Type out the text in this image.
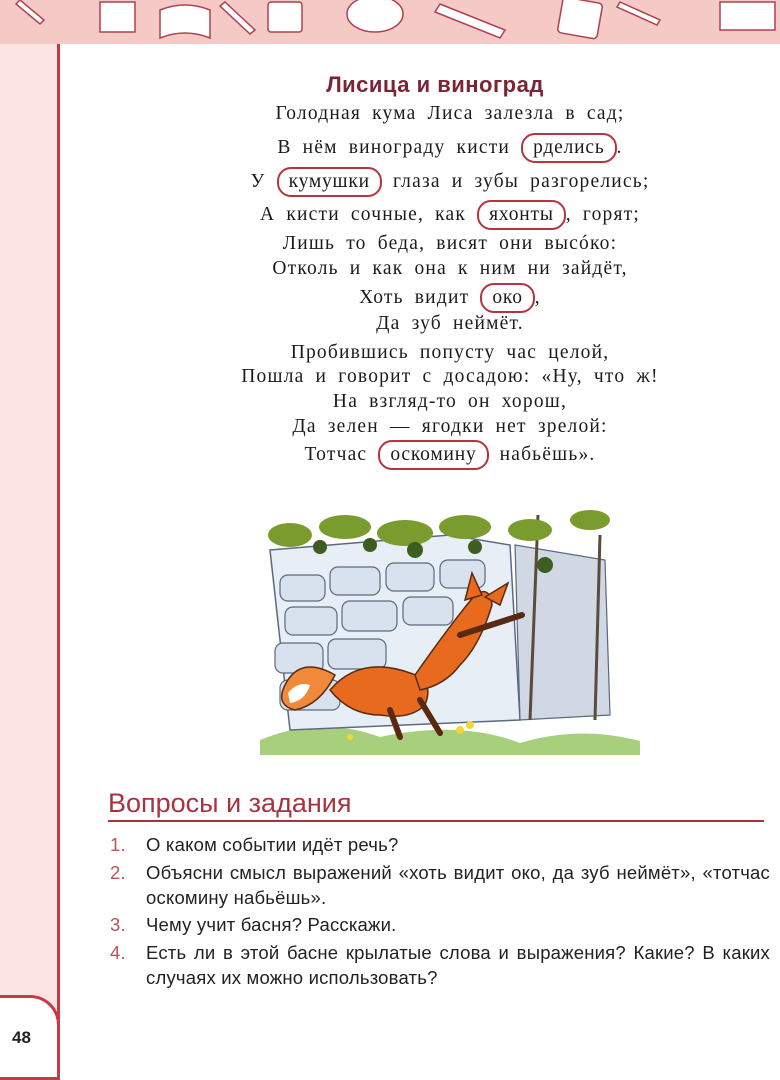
48
Лисица и виноград
Голодная кума Лиса залезла в сад;
В нём винограду кисти рделись .
У кумушки глаза и зубы разгорелись;
А кисти сочные, как яхонты , горят;
Лишь то беда, висят они высóко:
Отколь и как она к ним ни зайдёт,
Хоть видит око ,
Да зуб неймёт.
Пробившись попусту час целой,
Пошла и говорит с досадою: «Ну, что ж!
На взгляд-то он хорош,
Да зелен — ягодки нет зрелой:
Тотчас оскомину набьёшь».
Вопросы и задания
1. О каком событии идёт речь?
2. Объясни смысл выражений «хоть видит око, да зуб неймёт», «тотчас оскомину набьёшь».
3. Чему учит басня? Расскажи.
4. Есть ли в этой басне крылатые слова и выражения? Какие? В каких случаях их можно использовать?
